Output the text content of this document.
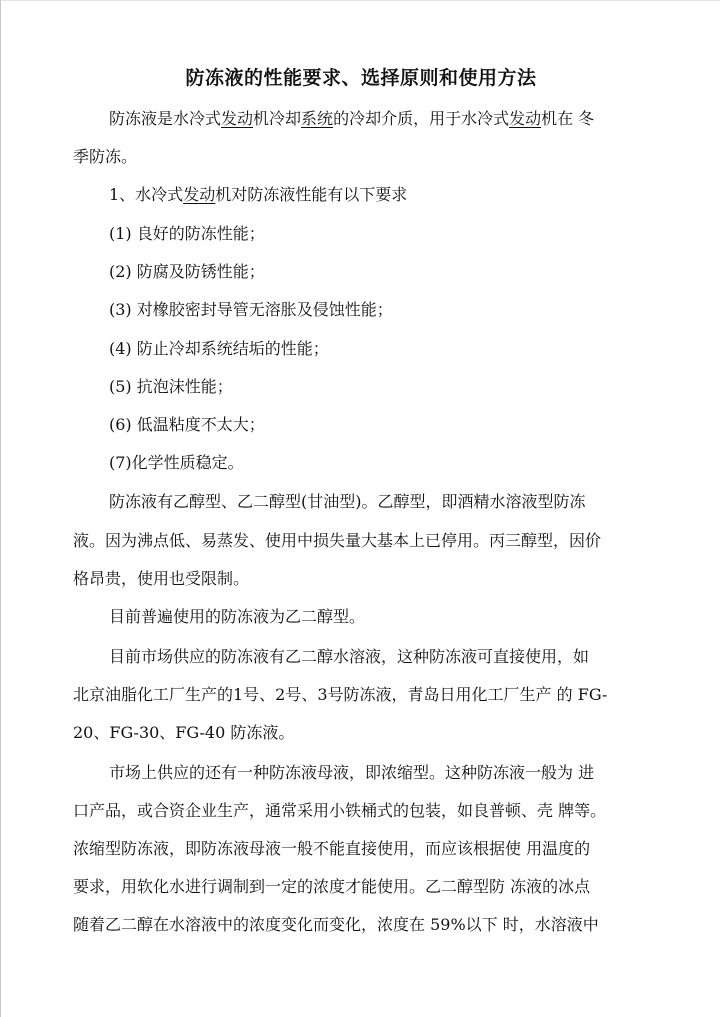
防冻液的性能要求、选择原则和使用方法

防冻液是水冷式发动机冷却系统的冷却介质，用于水冷式发动机在 冬

季防冻。

1、水冷式发动机对防冻液性能有以下要求

(1) 良好的防冻性能；

(2) 防腐及防锈性能；

(3) 对橡胶密封导管无溶胀及侵蚀性能；

(4) 防止冷却系统结垢的性能；

(5) 抗泡沫性能；

(6) 低温粘度不太大；

(7)化学性质稳定。

防冻液有乙醇型、乙二醇型(甘油型)。乙醇型，即酒精水溶液型防冻

液。因为沸点低、易蒸发、使用中损失量大基本上已停用。丙三醇型，因价

格昂贵，使用也受限制。

目前普遍使用的防冻液为乙二醇型。

目前市场供应的防冻液有乙二醇水溶液，这种防冻液可直接使用，如

北京油脂化工厂生产的1号、2号、3号防冻液，青岛日用化工厂生产 的 FG-

20、FG-30、FG-40 防冻液。

市场上供应的还有一种防冻液母液，即浓缩型。这种防冻液一般为 进

口产品，或合资企业生产，通常采用小铁桶式的包装，如良普顿、壳 牌等。

浓缩型防冻液，即防冻液母液一般不能直接使用，而应该根据使 用温度的

要求，用软化水进行调制到一定的浓度才能使用。乙二醇型防 冻液的冰点

随着乙二醇在水溶液中的浓度变化而变化，浓度在 59%以下 时，水溶液中
